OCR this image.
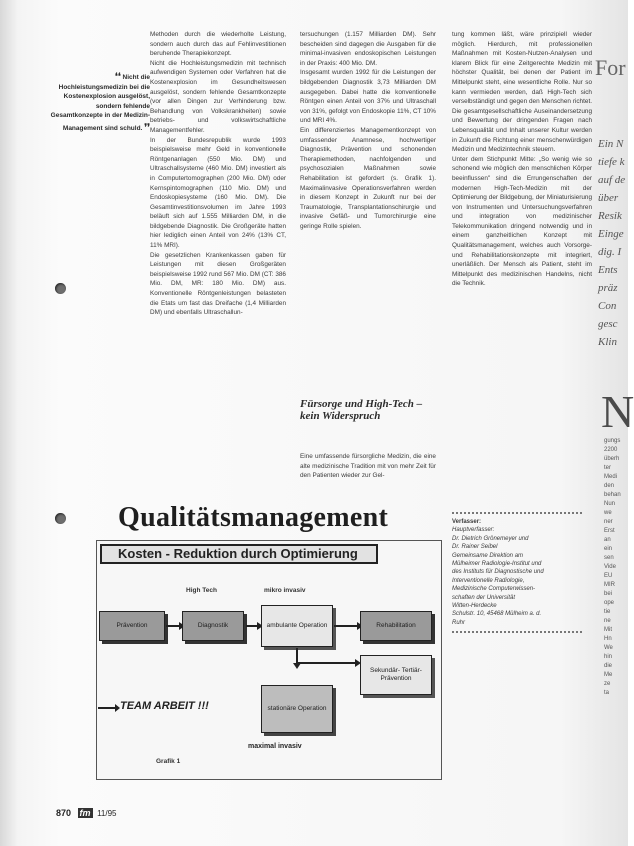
❛❛ Nicht die Hochleistungsmedizin bei die Kostenexplosion ausgelöst, sondern fehlende Gesamtkonzepte in der Medizin-Management sind schuld. ❜❜

Methoden durch die wiederholte Leistung, sondern auch durch das auf Fehlinvestitionen beruhende Therapiekonzept.

Nicht die Hochleistungsmedizin mit technisch aufwendigen Systemen oder Verfahren hat die Kostenexplosion im Gesundheitswesen ausgelöst, sondern fehlende Gesamtkonzepte (vor allen Dingen zur Verhinderung bzw. Behandlung von Volkskrankheiten) sowie betriebs- und volkswirtschaftliche Managementfehler.

In der Bundesrepublik wurde 1993 beispielsweise mehr Geld in konventionelle Röntgenanlagen (550 Mio. DM) und Ultraschallsysteme (460 Mio. DM) investiert als in Computertomographen (200 Mio. DM) oder Kernspintomographen (110 Mio. DM) und Endoskopiesysteme (160 Mio. DM). Die Gesamtinvestitionsvolumen im Jahre 1993 beläuft sich auf 1.555 Milliarden DM, in die bildgebende Diagnostik. Die Großgeräte hatten hier lediglich einen Anteil von 24% (13% CT, 11% MRI).

Die gesetzlichen Krankenkassen gaben für Leistungen mit diesen Großgeräten beispielsweise 1992 rund 567 Mio. DM (CT: 386 Mio. DM, MR: 180 Mio. DM) aus. Konventionelle Röntgenleistungen belasteten die Etats um fast das Dreifache (1,4 Milliarden DM) und ebenfalls Ultraschallun-

tersuchungen (1.157 Milliarden DM). Sehr bescheiden sind dagegen die Ausgaben für die minimal-invasiven endoskopischen Leistungen in der Praxis: 400 Mio. DM.

Insgesamt wurden 1992 für die Leistungen der bildgebenden Diagnostik 3,73 Milliarden DM ausgegeben. Dabei hatte die konventionelle Röntgen einen Anteil von 37% und Ultraschall von 31%, gefolgt von Endoskopie 11%, CT 10% und MRI 4%.

Ein differenziertes Managementkonzept von umfassender Anamnese, hochwertiger Diagnostik, Prävention und schonenden Therapiemethoden, nachfolgenden und psychosozialen Maßnahmen sowie Rehabilitation ist gefordert (s. Grafik 1). Maximalinvasive Operationsverfahren werden in diesem Konzept in Zukunft nur bei der Traumatologie, Transplantationschirurgie und invasive Gefäß- und Tumorchirurgie eine geringe Rolle spielen.

Fürsorge und High-Tech – kein Widerspruch

Eine umfassende fürsorgliche Medizin, die eine alte medizinische Tradition mit von mehr Zeit für den Patienten wieder zur Gel-

tung kommen läßt, wäre prinzipiell wieder möglich. Hierdurch, mit professionellen Maßnahmen mit Kosten-Nutzen-Analysen und klarem Blick für eine Zeitgerechte Medizin mit höchster Qualität, bei denen der Patient im Mittelpunkt steht, eine wesentliche Rolle. Nur so kann vermieden werden, daß High-Tech sich verselbständigt und gegen den Menschen richtet. Die gesamtgesellschaftliche Auseinandersetzung und Bewertung der dringenden Fragen nach Lebensqualität und Inhalt unserer Kultur werden in Zukunft die Richtung einer menschenwürdigen Medizin und Medizintechnik steuern.

Unter dem Stichpunkt Mitte: „So wenig wie so schonend wie möglich den menschlichen Körper beeinflussen" sind die Errungenschaften der modernen High-Tech-Medizin mit der Optimierung der Bildgebung, der Miniaturisierung von Instrumenten und Untersuchungsverfahren und integration von medizinischer Telekommunikation dringend notwendig und in einem ganzheitlichen Konzept mit Qualitätsmanagement, welches auch Vorsorge- und Rehabilitationskonzepte mit integriert, unerläßlich. Der Mensch als Patient, steht im Mittelpunkt des medizinischen Handelns, nicht die Technik.

Verfasser:
Hauptverfasser:
Dr. Dietrich Grönemeyer und
Dr. Rainer Seibel
Gemeinsame Direktion am
Mülheimer Radiologie-Institut und
des Instituts für Diagnostische und
Interventionelle Radiologie,
Medizinische Computerwissen-
schaften der Universität
Witten-Herdecke
Schulstr. 10, 45468 Mülheim a. d.
Ruhr
For
Ein N
tiefe k
auf de
über
Resik
Einge
dig. I
Ents
präz
Con
gesc
Klin
N
gungs
2200
überh
ter
Medi
den
behan
Nun
we
ner
Erst
an
ein
sen
Vide
EU
MIR
bei
ope
tie
ne
Mit
Hn
We
hin
die
Me
ze
ta
Qualitätsmanagement
Kosten - Reduktion durch Optimierung
High Tech	mikro invasiv
Prävention	Diagnostik	ambulante Operation	Rehabilitation
Sekundär- Tertiär- Prävention
stationäre Operation
TEAM ARBEIT !!!
maximal invasiv
Grafik 1
870 fm 11/95
